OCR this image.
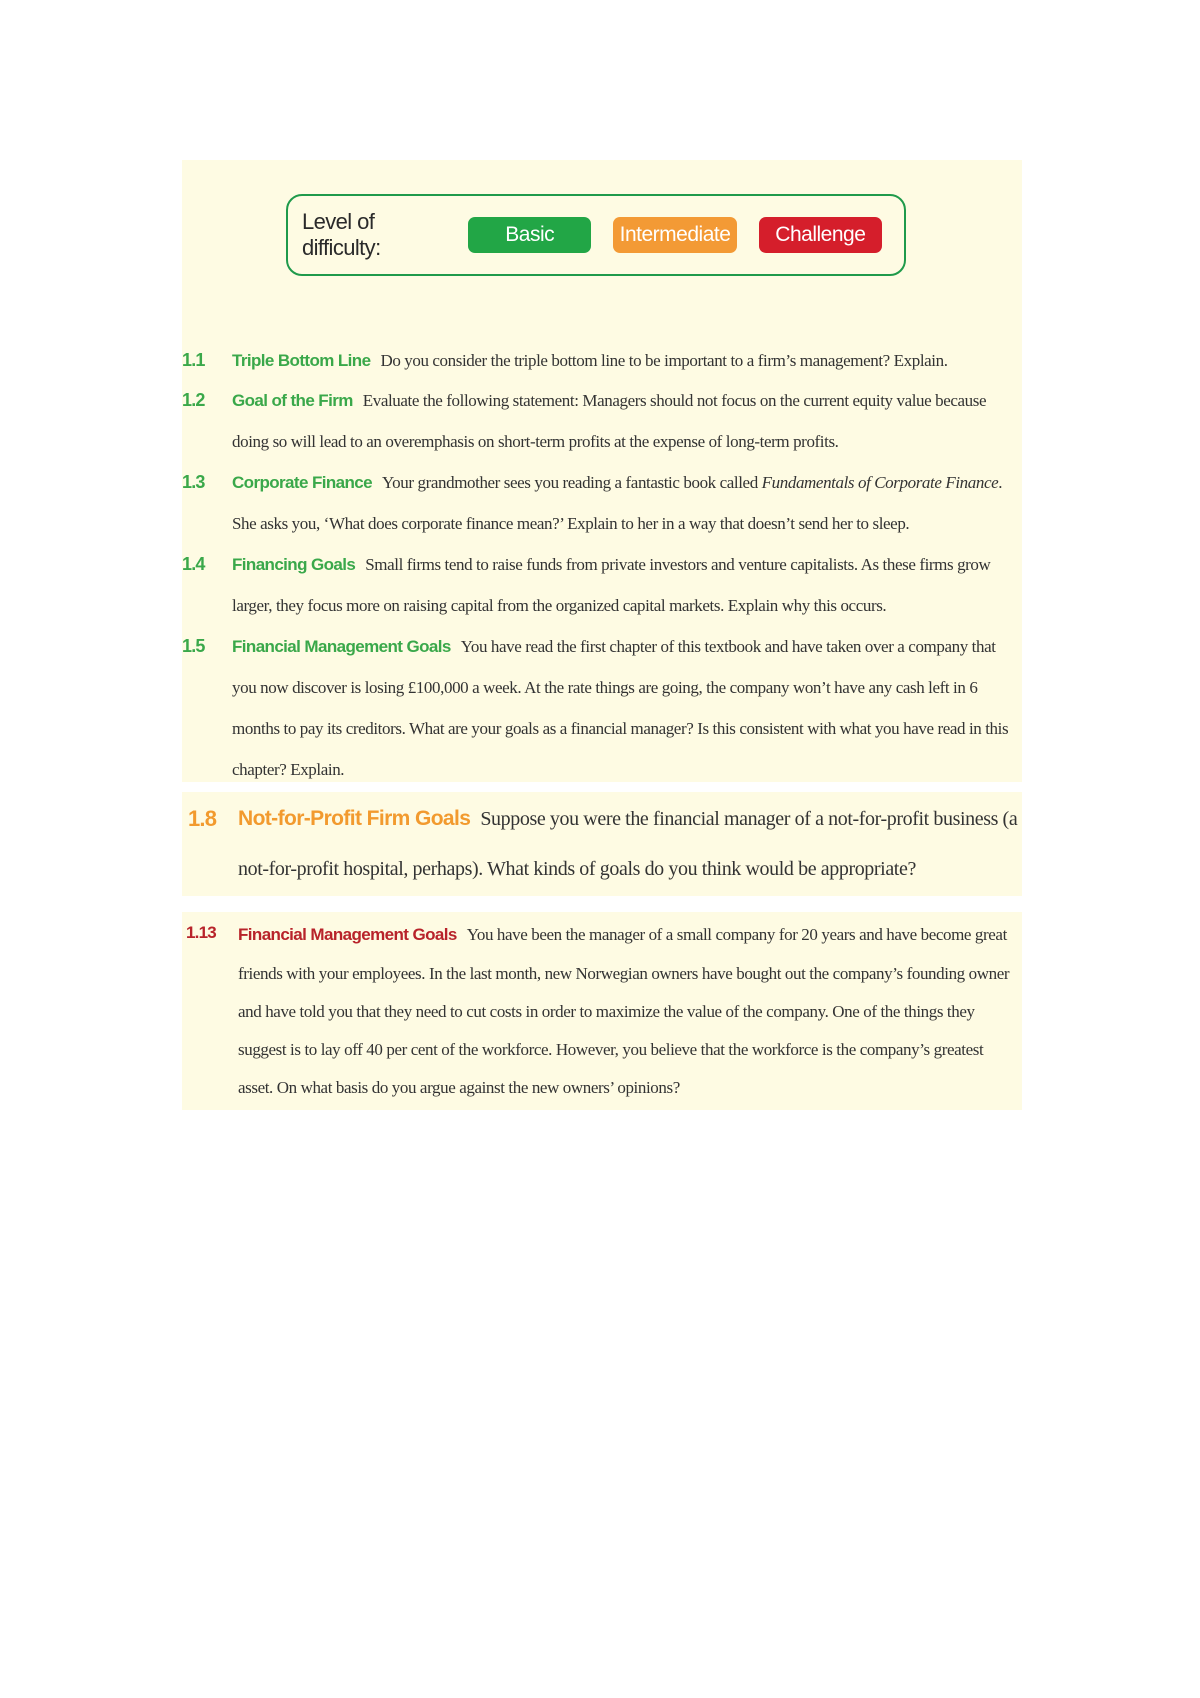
Level of difficulty:
Basic	Intermediate	Challenge
1.1 Triple Bottom Line Do you consider the triple bottom line to be important to a firm’s management? Explain.
1.2 Goal of the Firm Evaluate the following statement: Managers should not focus on the current equity value because doing so will lead to an overemphasis on short-term profits at the expense of long-term profits.
1.3 Corporate Finance Your grandmother sees you reading a fantastic book called Fundamentals of Corporate Finance. She asks you, ‘What does corporate finance mean?’ Explain to her in a way that doesn’t send her to sleep.
1.4 Financing Goals Small firms tend to raise funds from private investors and venture capitalists. As these firms grow larger, they focus more on raising capital from the organized capital markets. Explain why this occurs.
1.5 Financial Management Goals You have read the first chapter of this textbook and have taken over a company that you now discover is losing £100,000 a week. At the rate things are going, the company won’t have any cash left in 6 months to pay its creditors. What are your goals as a financial manager? Is this consistent with what you have read in this chapter? Explain.
1.8 Not-for-Profit Firm Goals Suppose you were the financial manager of a not-for-profit business (a not-for-profit hospital, perhaps). What kinds of goals do you think would be appropriate?
1.13 Financial Management Goals You have been the manager of a small company for 20 years and have become great friends with your employees. In the last month, new Norwegian owners have bought out the company’s founding owner and have told you that they need to cut costs in order to maximize the value of the company. One of the things they suggest is to lay off 40 per cent of the workforce. However, you believe that the workforce is the company’s greatest asset. On what basis do you argue against the new owners’ opinions?
